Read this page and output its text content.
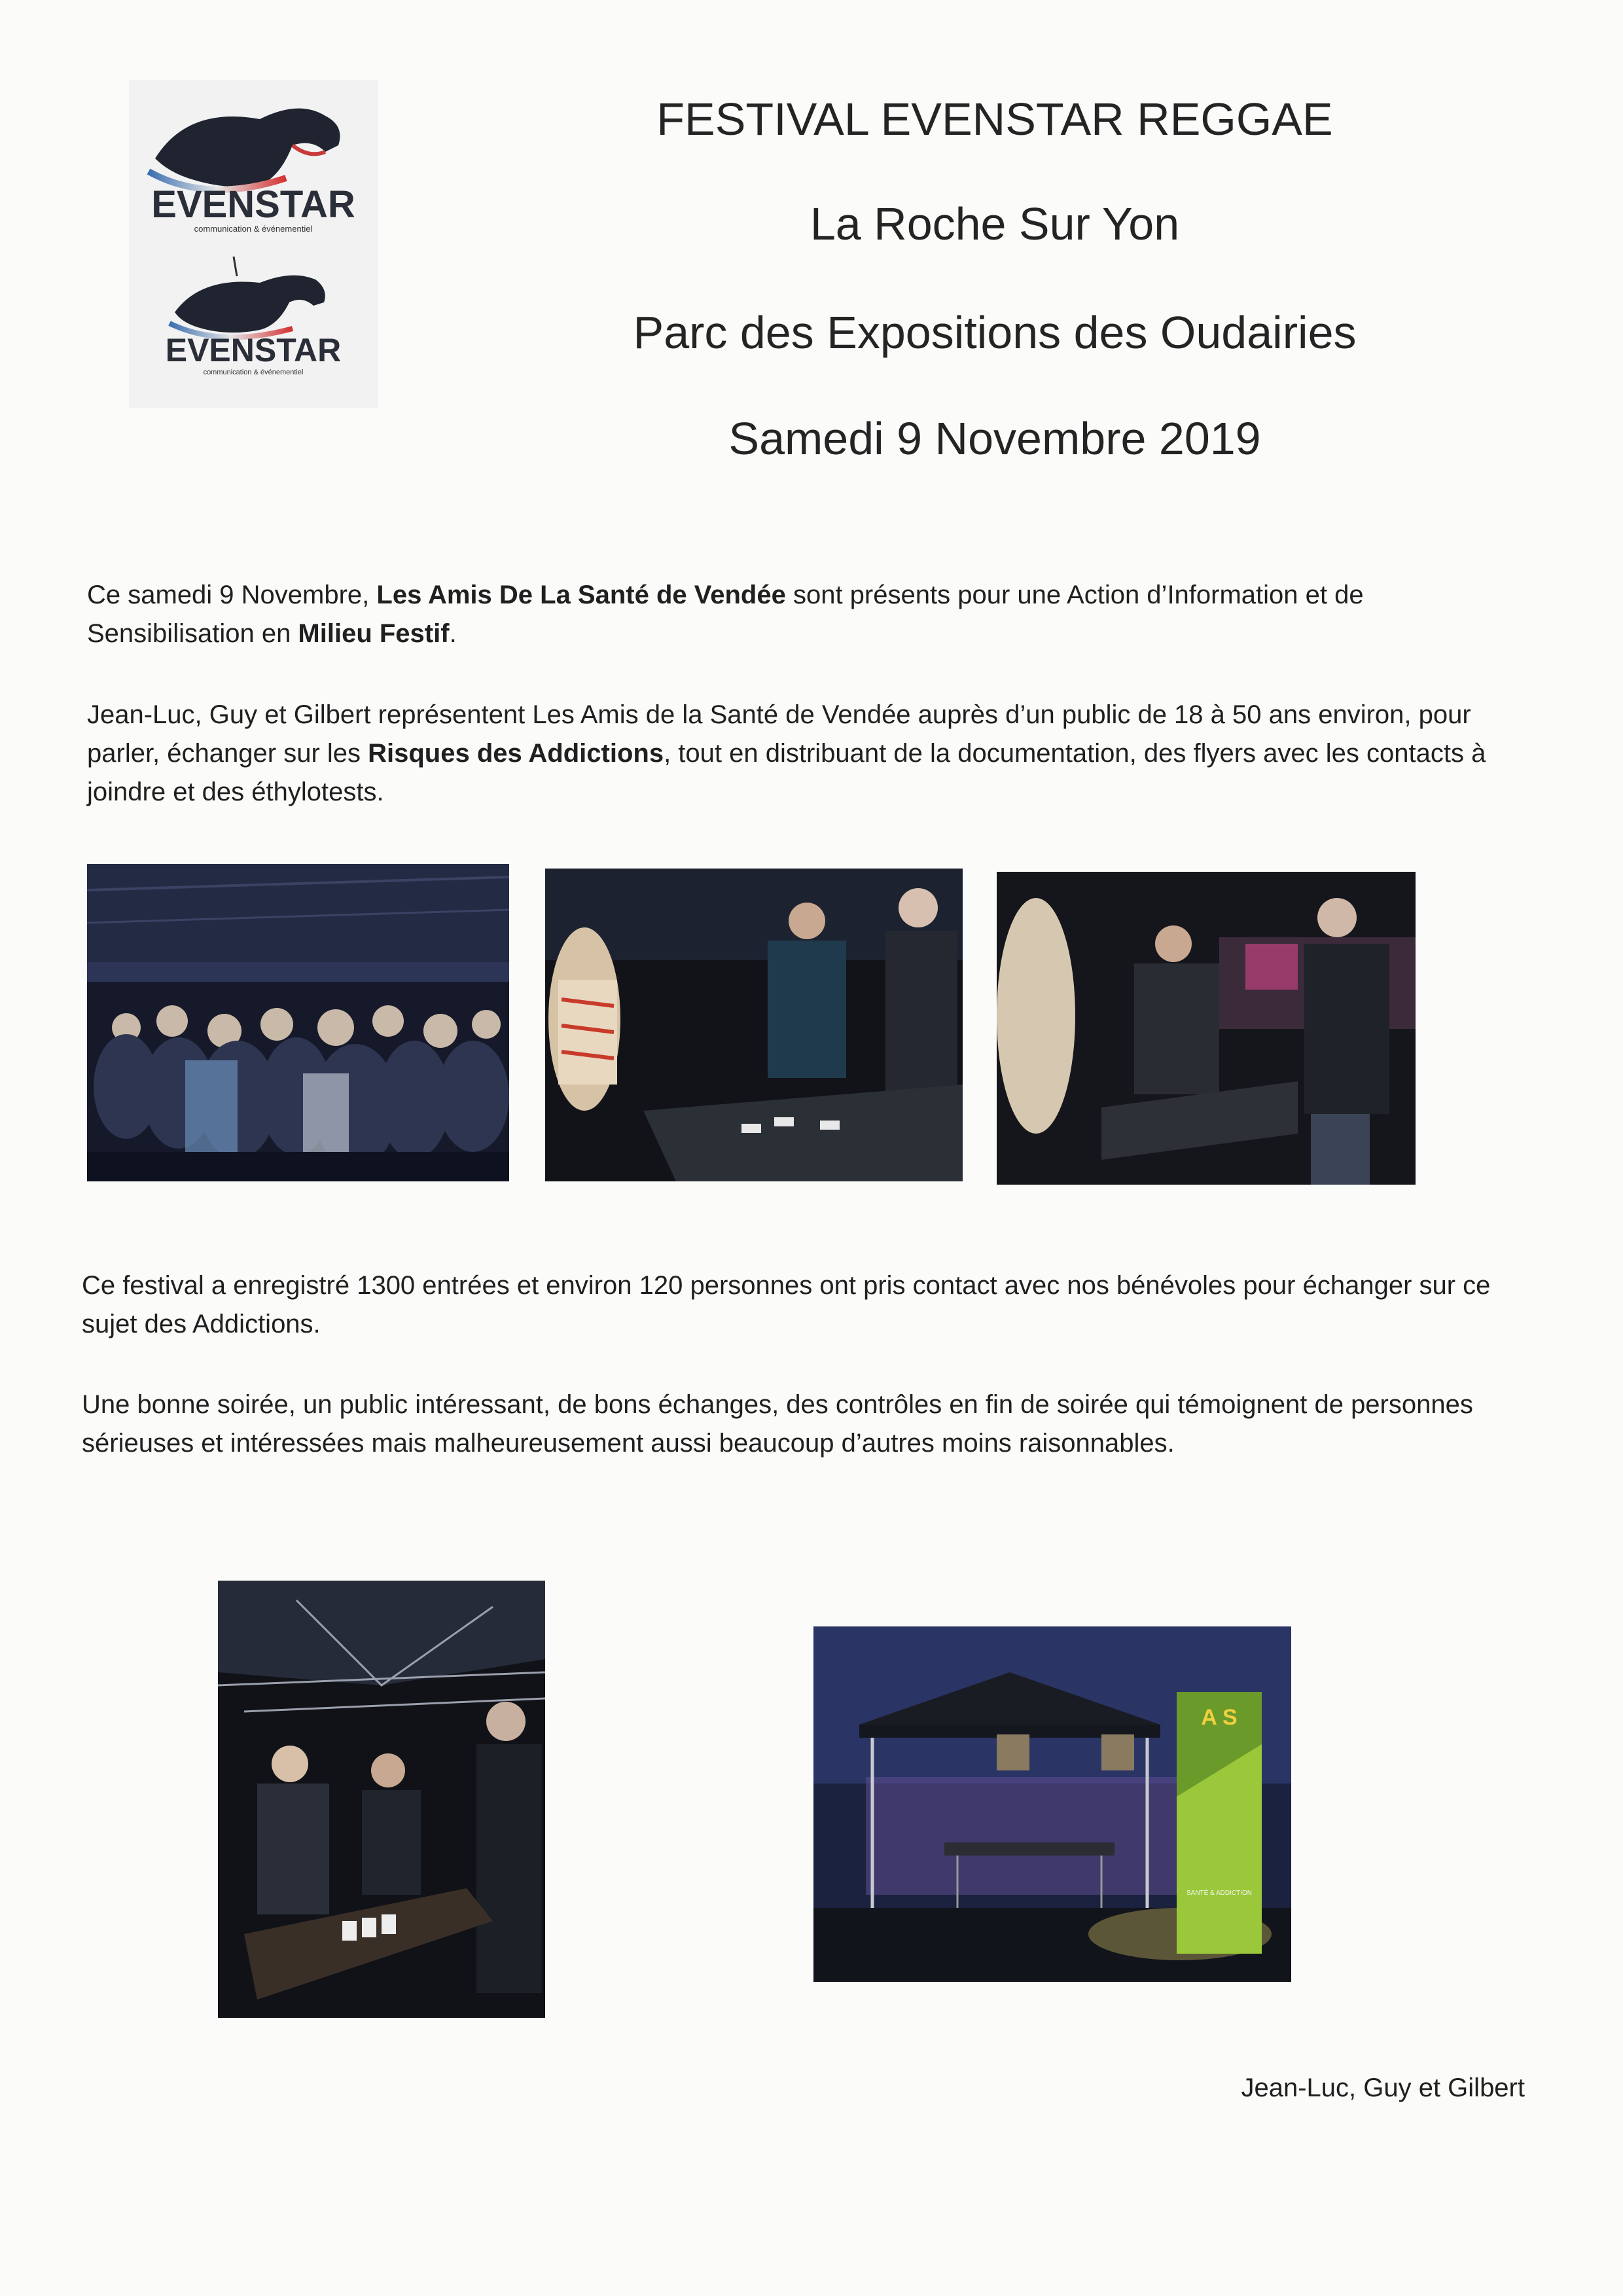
EVENSTAR
communication & événementiel
EVENSTAR
communication & événementiel
FESTIVAL EVENSTAR REGGAE
La Roche Sur Yon
Parc des Expositions des Oudairies
Samedi 9 Novembre 2019
Ce samedi 9 Novembre, Les Amis De La Santé de Vendée sont présents pour une Action d’Information et de Sensibilisation en Milieu Festif.
Jean-Luc, Guy et Gilbert représentent Les Amis de la Santé de Vendée auprès d’un public de 18 à 50 ans environ, pour parler, échanger sur les Risques des Addictions, tout en distribuant de la documentation, des flyers avec les contacts à joindre et des éthylotests.
Ce festival a enregistré 1300 entrées et environ 120 personnes ont pris contact avec nos bénévoles pour échanger sur ce sujet des Addictions.
Une bonne soirée, un public intéressant, de bons échanges, des contrôles en fin de soirée qui témoignent de personnes sérieuses et intéressées mais malheureusement aussi beaucoup d’autres moins raisonnables.
A S
SANTÉ & ADDICTION
Jean-Luc, Guy et Gilbert
